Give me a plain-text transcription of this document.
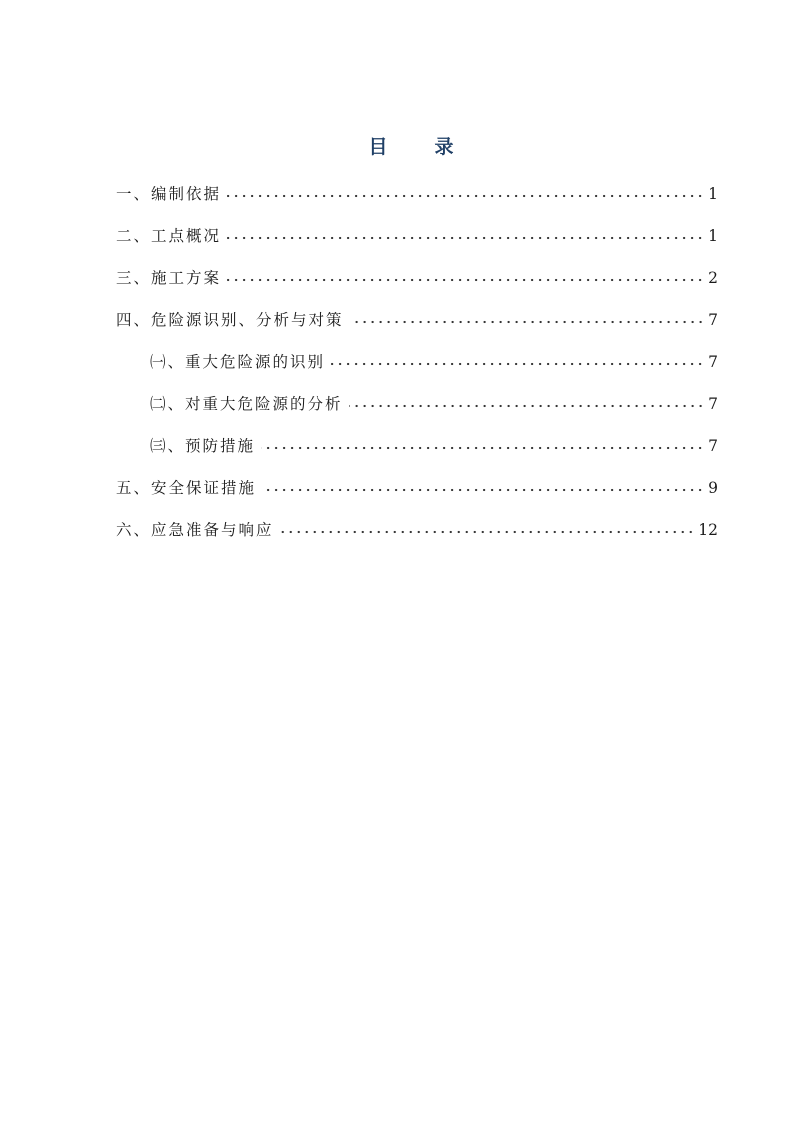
目　录
一、编制依据	1
二、工点概况	1
三、施工方案	2
四、危险源识别、分析与对策	7
㈠、重大危险源的识别	7
㈡、对重大危险源的分析	7
㈢、预防措施	7
五、安全保证措施	9
六、应急准备与响应	12
